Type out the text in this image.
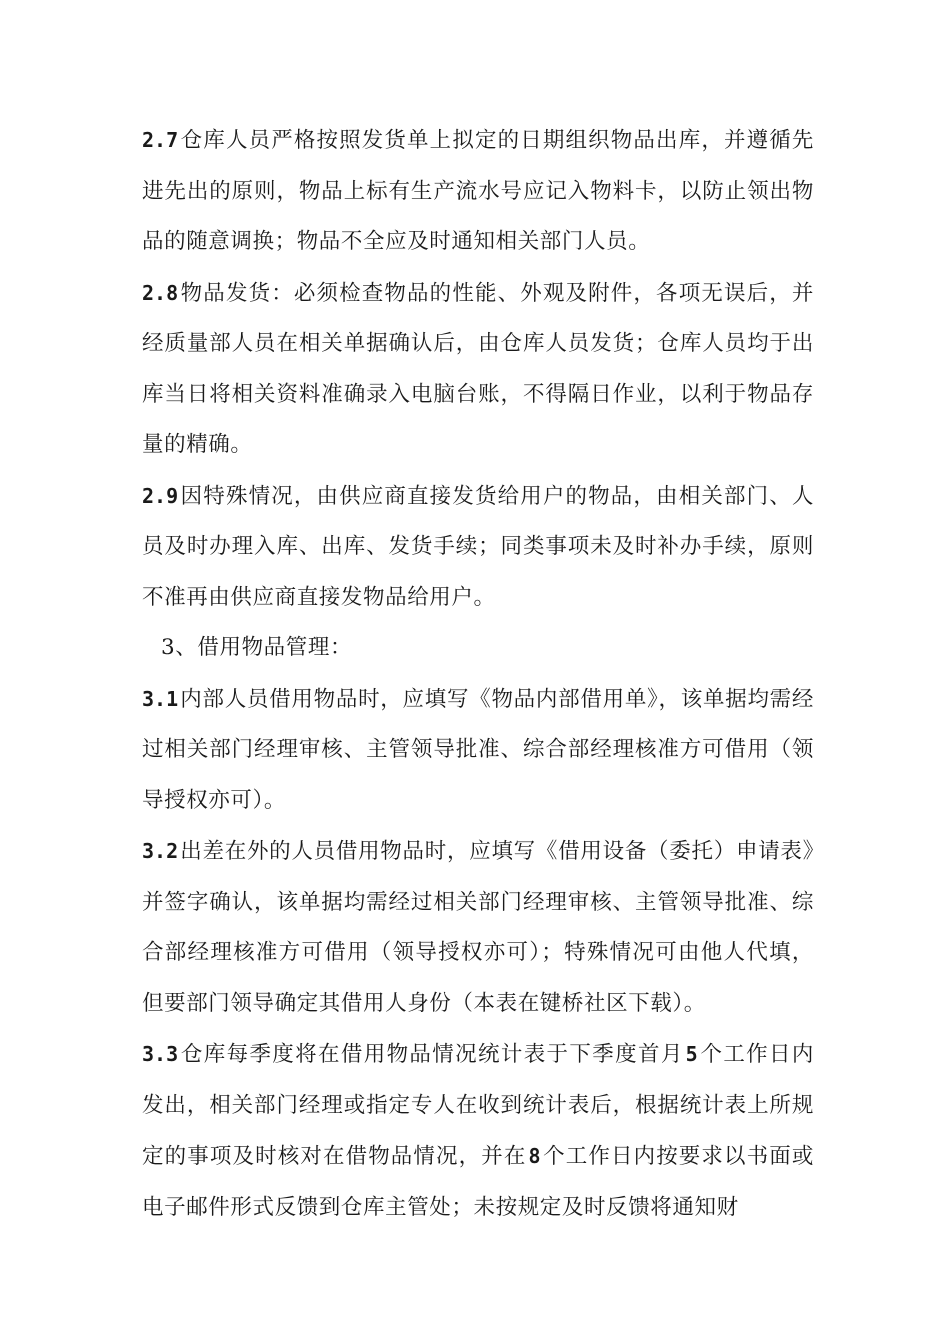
2.7仓库人员严格按照发货单上拟定的日期组织物品出库，并遵循先进先出的原则，物品上标有生产流水号应记入物料卡，以防止领出物品的随意调换；物品不全应及时通知相关部门人员。

2.8物品发货：必须检查物品的性能、外观及附件，各项无误后，并经质量部人员在相关单据确认后，由仓库人员发货；仓库人员均于出库当日将相关资料准确录入电脑台账，不得隔日作业，以利于物品存量的精确。

2.9因特殊情况，由供应商直接发货给用户的物品，由相关部门、人员及时办理入库、出库、发货手续；同类事项未及时补办手续，原则不准再由供应商直接发物品给用户。

3、借用物品管理：

3.1内部人员借用物品时，应填写《物品内部借用单》，该单据均需经过相关部门经理审核、主管领导批准、综合部经理核准方可借用（领导授权亦可）。

3.2出差在外的人员借用物品时，应填写《借用设备（委托）申请表》并签字确认，该单据均需经过相关部门经理审核、主管领导批准、综合部经理核准方可借用（领导授权亦可）；特殊情况可由他人代填，但要部门领导确定其借用人身份（本表在键桥社区下载）。

3.3仓库每季度将在借用物品情况统计表于下季度首月 5个工作日内发出，相关部门经理或指定专人在收到统计表后，根据统计表上所规定的事项及时核对在借物品情况，并在 8个工作日内按要求以书面或电子邮件形式反馈到仓库主管处；未按规定及时反馈将通知财
